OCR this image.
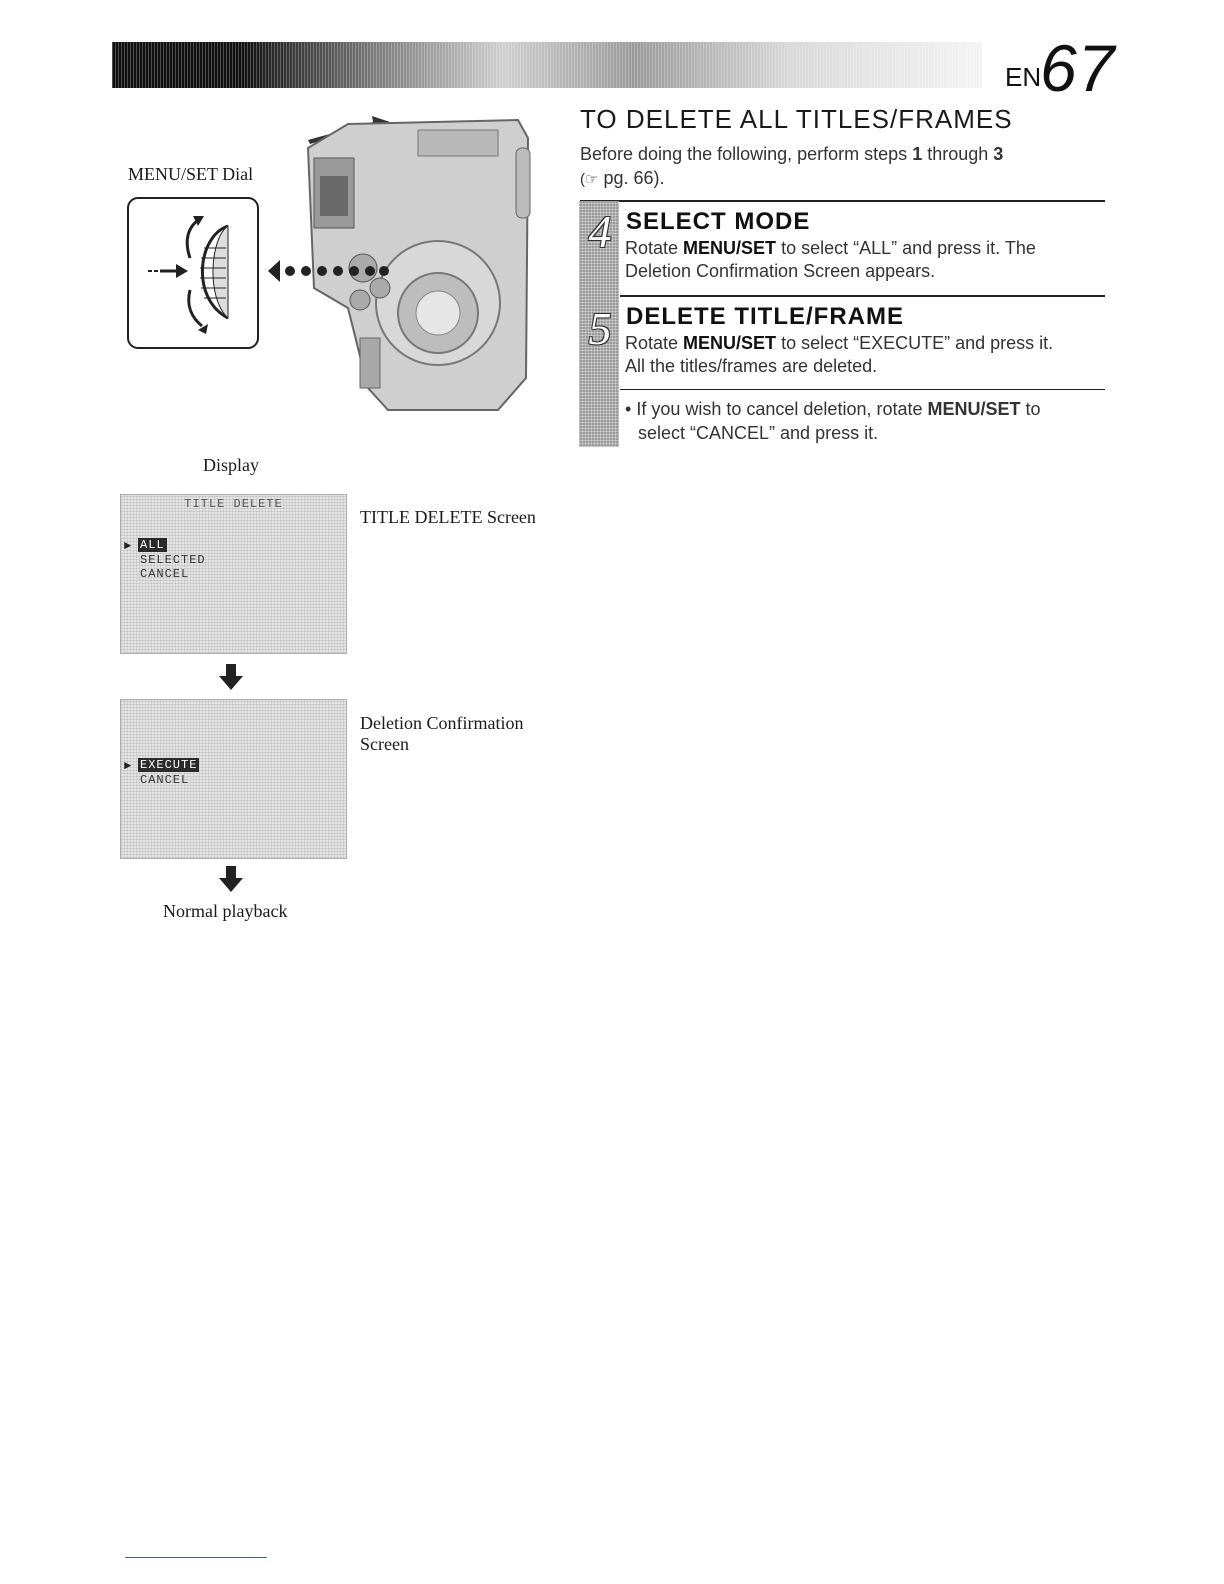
EN
67
MENU/SET Dial
Display
TITLE DELETE
► ALL
SELECTED
CANCEL
TITLE DELETE Screen
► EXECUTE
CANCEL
Deletion Confirmation
Screen
Normal playback
TO DELETE ALL TITLES/FRAMES
Before doing the following, perform steps 1 through 3
(☞ pg. 66).
4 SELECT MODE
Rotate MENU/SET to select “ALL” and press it. The
Deletion Confirmation Screen appears.
5 DELETE TITLE/FRAME
Rotate MENU/SET to select “EXECUTE” and press it.
All the titles/frames are deleted.
• If you wish to cancel deletion, rotate MENU/SET to
select “CANCEL” and press it.
